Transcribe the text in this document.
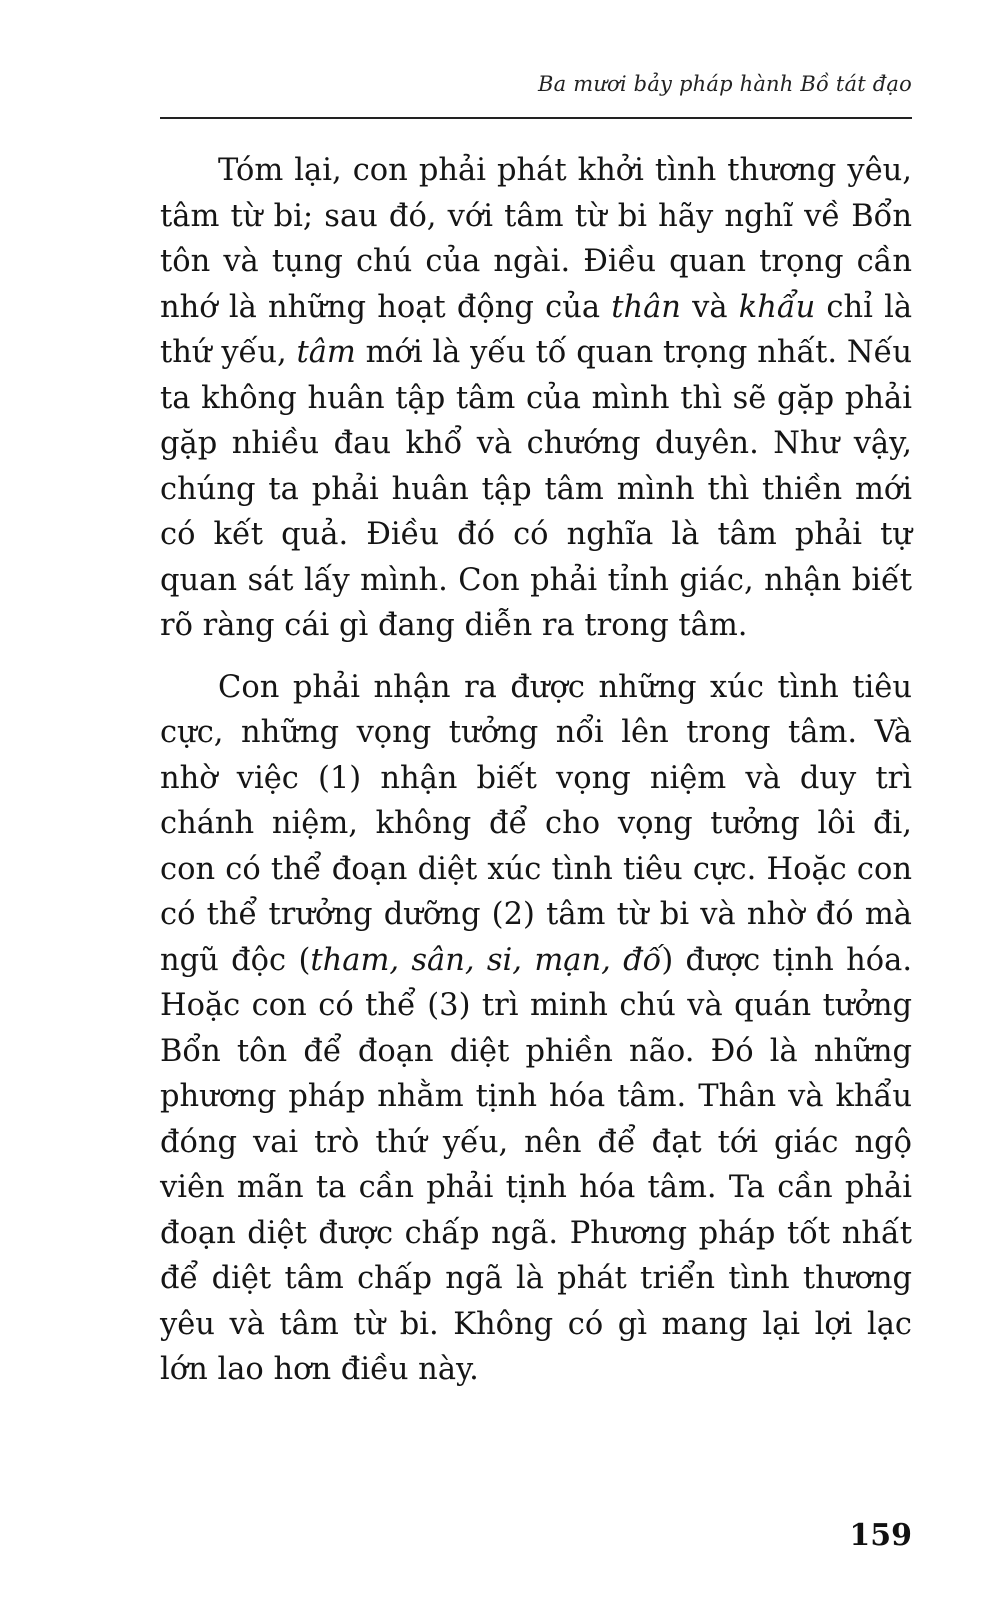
Ba mươi bảy pháp hành Bồ tát đạo

Tóm lại, con phải phát khởi tình thương yêu, tâm từ bi; sau đó, với tâm từ bi hãy nghĩ về Bổn tôn và tụng chú của ngài. Điều quan trọng cần nhớ là những hoạt động của thân và khẩu chỉ là thứ yếu, tâm mới là yếu tố quan trọng nhất. Nếu ta không huân tập tâm của mình thì sẽ gặp phải gặp nhiều đau khổ và chướng duyên. Như vậy, chúng ta phải huân tập tâm mình thì thiền mới có kết quả. Điều đó có nghĩa là tâm phải tự quan sát lấy mình. Con phải tỉnh giác, nhận biết rõ ràng cái gì đang diễn ra trong tâm.

Con phải nhận ra được những xúc tình tiêu cực, những vọng tưởng nổi lên trong tâm. Và nhờ việc (1) nhận biết vọng niệm và duy trì chánh niệm, không để cho vọng tưởng lôi đi, con có thể đoạn diệt xúc tình tiêu cực. Hoặc con có thể trưởng dưỡng (2) tâm từ bi và nhờ đó mà ngũ độc (tham, sân, si, mạn, đố) được tịnh hóa. Hoặc con có thể (3) trì minh chú và quán tưởng Bổn tôn để đoạn diệt phiền não. Đó là những phương pháp nhằm tịnh hóa tâm. Thân và khẩu đóng vai trò thứ yếu, nên để đạt tới giác ngộ viên mãn ta cần phải tịnh hóa tâm. Ta cần phải đoạn diệt được chấp ngã. Phương pháp tốt nhất để diệt tâm chấp ngã là phát triển tình thương yêu và tâm từ bi. Không có gì mang lại lợi lạc lớn lao hơn điều này.

159
